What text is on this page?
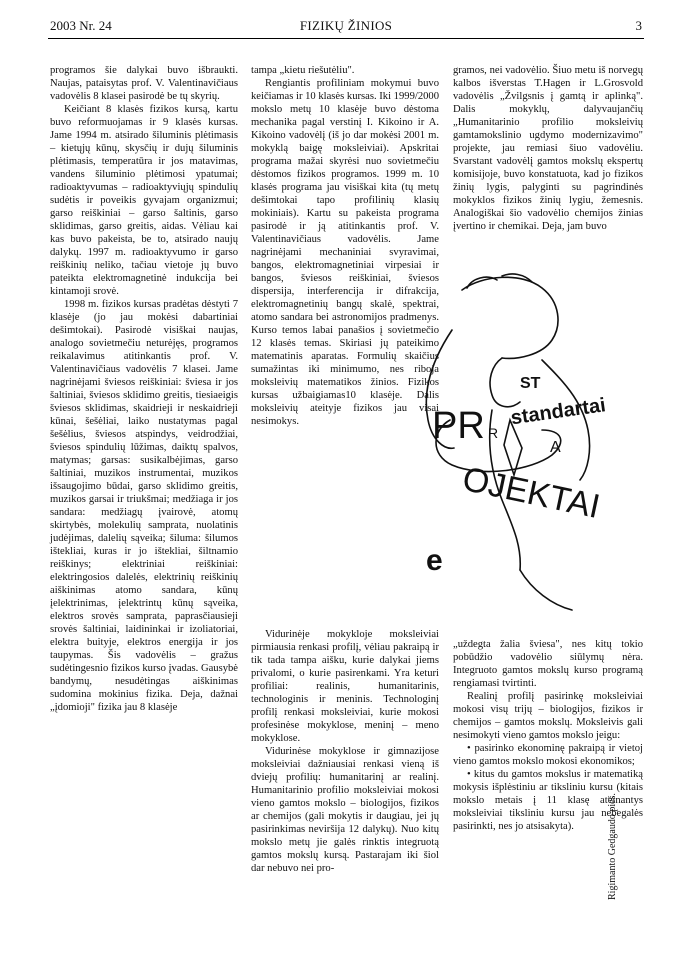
2003 Nr. 24	FIZIKŲ ŽINIOS	3

programos šie dalykai buvo išbraukti. Naujas, pataisytas prof. V. Valentinavičiaus vadovėlis 8 klasei pasirodė be tų skyrių.

Keičiant 8 klasės fizikos kursą, kartu buvo reformuojamas ir 9 klasės kursas. Jame 1994 m. atsirado šiluminis plėtimasis – kietųjų kūnų, skysčių ir dujų šiluminis plėtimasis, temperatūra ir jos matavimas, vandens šiluminio plėtimosi ypatumai; radioaktyvumas – radioaktyviųjų spindulių sudėtis ir poveikis gyvajam organizmui; garso reiškiniai – garso šaltinis, garso sklidimas, garso greitis, aidas. Vėliau kai kas buvo pakeista, be to, atsirado naujų dalykų. 1997 m. radioaktyvumo ir garso reiškinių neliko, tačiau vietoje jų buvo pateikta elektromagnetinė indukcija bei kintamoji srovė.

1998 m. fizikos kursas pradėtas dėstyti 7 klasėje (jo jau mokėsi dabartiniai dešimtokai). Pasirodė visiškai naujas, analogo sovietmečiu neturėjęs, programos reikalavimus atitinkantis prof. V. Valentinavičiaus vadovėlis 7 klasei. Jame nagrinėjami šviesos reiškiniai: šviesa ir jos šaltiniai, šviesos sklidimo greitis, tiesiaeigis šviesos sklidimas, skaidrieji ir neskaidrieji kūnai, šešėliai, laiko nustatymas pagal šešėlius, šviesos atspindys, veidrodžiai, šviesos spindulių lūžimas, daiktų spalvos, matymas; garsas: susikalbėjimas, garso šaltiniai, muzikos instrumentai, muzikos išsaugojimo būdai, garso sklidimo greitis, muzikos garsai ir triukšmai; medžiaga ir jos sandara: medžiagų įvairovė, atomų skirtybės, molekulių samprata, nuolatinis judėjimas, dalelių sąveika; šiluma: šilumos ištekliai, kuras ir jo ištekliai, šiltnamio reiškinys; elektriniai reiškiniai: elektringosios dalelės, elektrinių reiškinių aiškinimas atomo sandara, kūnų įelektrinimas, įelektrintų kūnų sąveika, elektros srovės samprata, paprasčiausieji srovės šaltiniai, laidininkai ir izoliatoriai, elektra buityje, elektros energija ir jos taupymas. Šis vadovėlis – gražus sudėtingesnio fizikos kurso įvadas. Gausybė bandymų, nesudėtingas aiškinimas sudomina mokinius fizika. Deja, dažnai „įdomioji" fizika jau 8 klasėje

tampa „kietu riešutėliu".

Rengiantis profiliniam mokymui buvo keičiamas ir 10 klasės kursas. Iki 1999/2000 mokslo metų 10 klasėje buvo dėstoma mechanika pagal verstinį I. Kikoino ir A. Kikoino vadovėlį (iš jo dar mokėsi 2001 m. mokyklą baigę moksleiviai). Apskritai programa mažai skyrėsi nuo sovietmečiu dėstomos fizikos programos. 1999 m. 10 klasės programa jau visiškai kita (tų metų dešimtokai tapo profilinių klasių mokiniais). Kartu su pakeista programa pasirodė ir ją atitinkantis prof. V. Valentinavičiaus vadovėlis. Jame nagrinėjami mechaniniai svyravimai, bangos, elektromagnetiniai virpesiai ir bangos, šviesos reiškiniai, šviesos dispersija, interferencija ir difrakcija, elektromagnetinių bangų skalė, spektrai, atomo sandara bei astronomijos pradmenys. Kurso temos labai panašios į sovietmečio 12 klasės temas. Skiriasi jų pateikimo matematinis aparatas. Formulių skaičius sumažintas iki minimumo, nes riboja moksleivių matematikos žinios. Fizikos kursas užbaigiamas10 klasėje. Dalis moksleivių ateityje fizikos jau visai nesimokys.

Vidurinėje mokykloje moksleiviai pirmiausia renkasi profilį, vėliau pakraipą ir tik tada tampa aišku, kurie dalykai jiems privalomi, o kurie pasirenkami. Yra keturi profiliai: realinis, humanitarinis, technologinis ir meninis. Technologinį profilį renkasi moksleiviai, kurie mokosi profesinėse mokyklose, meninį – meno mokyklose.

Vidurinėse mokyklose ir gimnazijose moksleiviai dažniausiai renkasi vieną iš dviejų profilių: humanitarinį ar realinį. Humanitarinio profilio moksleiviai mokosi vieno gamtos mokslo – biologijos, fizikos ar chemijos (gali mokytis ir daugiau, jei jų pasirinkimas neviršija 12 dalykų). Nuo kitų mokslo metų jie galės rinktis integruotą gamtos mokslų kursą. Pastarajam iki šiol dar nebuvo nei pro-

gramos, nei vadovėlio. Šiuo metu iš norvegų kalbos išverstas T.Hagen ir L.Grosvold vadovėlis „Žvilgsnis į gamtą ir aplinką". Dalis mokyklų, dalyvaujančių „Humanitarinio profilio moksleivių gamtamokslinio ugdymo modernizavimo" projekte, jau remiasi šiuo vadovėliu. Svarstant vadovėlį gamtos mokslų ekspertų komisijoje, buvo konstatuota, kad jo fizikos žinių lygis, palyginti su pagrindinės mokyklos fizikos žinių lygiu, žemesnis. Analogiškai šio vadovėlio chemijos žinias įvertino ir chemikai. Deja, jam buvo

„uždegta žalia šviesa", nes kitų tokio pobūdžio vadovėlio siūlymų nėra. Integruoto gamtos mokslų kurso programą rengiamasi tvirtinti.

Realinį profilį pasirinkę moksleiviai mokosi visų trijų – biologijos, fizikos ir chemijos – gamtos mokslų. Moksleivis gali nesimokyti vieno gamtos mokslo jeigu:

• pasirinko ekonominę pakraipą ir vietoj vieno gamtos mokslo mokosi ekonomikos;

• kitus du gamtos mokslus ir matematiką mokysis išplėstiniu ar tiksliniu kursu (kitais mokslo metais į 11 klasę ateinantys moksleiviai tiksliniu kursu jau nebegalės pasirinkti, nes jo atsisakyta).

ST
standartai
PR R
A
OJEKTAI
e
Rigimanto Gedgaudo pieš.
